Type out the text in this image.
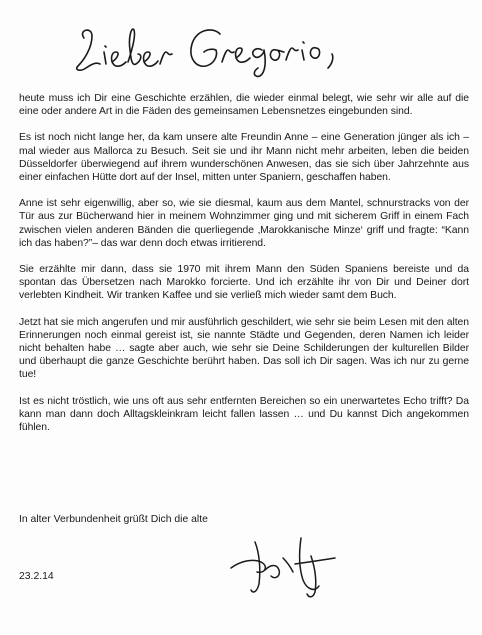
heute muss ich Dir eine Geschichte erzählen, die wieder einmal belegt, wie sehr wir alle auf die eine oder andere Art in die Fäden des gemeinsamen Lebensnetzes eingebunden sind.

Es ist noch nicht lange her, da kam unsere alte Freundin Anne – eine Generation jünger als ich – mal wieder aus Mallorca zu Besuch. Seit sie und ihr Mann nicht mehr arbeiten, leben die beiden Düsseldorfer überwiegend auf ihrem wunderschönen Anwesen, das sie sich über Jahrzehnte aus einer einfachen Hütte dort auf der Insel, mitten unter Spaniern, geschaffen haben.

Anne ist sehr eigenwillig, aber so, wie sie diesmal, kaum aus dem Mantel, schnurstracks von der Tür aus zur Bücherwand hier in meinem Wohnzimmer ging und mit sicherem Griff in einem Fach zwischen vielen anderen Bänden die querliegende ‚Marokkanische Minze‘ griff und fragte: “Kann ich das haben?”– das war denn doch etwas irritierend.

Sie erzählte mir dann, dass sie 1970 mit ihrem Mann den Süden Spaniens bereiste und da spontan das Übersetzen nach Marokko forcierte. Und ich erzählte ihr von Dir und Deiner dort verlebten Kindheit. Wir tranken Kaffee und sie verließ mich wieder samt dem Buch.

Jetzt hat sie mich angerufen und mir ausführlich geschildert, wie sehr sie beim Lesen mit den alten Erinnerungen noch einmal gereist ist, sie nannte Städte und Gegenden, deren Namen ich leider nicht behalten habe … sagte aber auch, wie sehr sie Deine Schilderungen der kulturellen Bilder und überhaupt die ganze Geschichte berührt haben. Das soll ich Dir sagen. Was ich nur zu gerne tue!

Ist es nicht tröstlich, wie uns oft aus sehr entfernten Bereichen so ein unerwartetes Echo trifft? Da kann man dann doch Alltagskleinkram leicht fallen lassen … und Du kannst Dich angekommen fühlen.

In alter Verbundenheit grüßt Dich die alte
23.2.14
